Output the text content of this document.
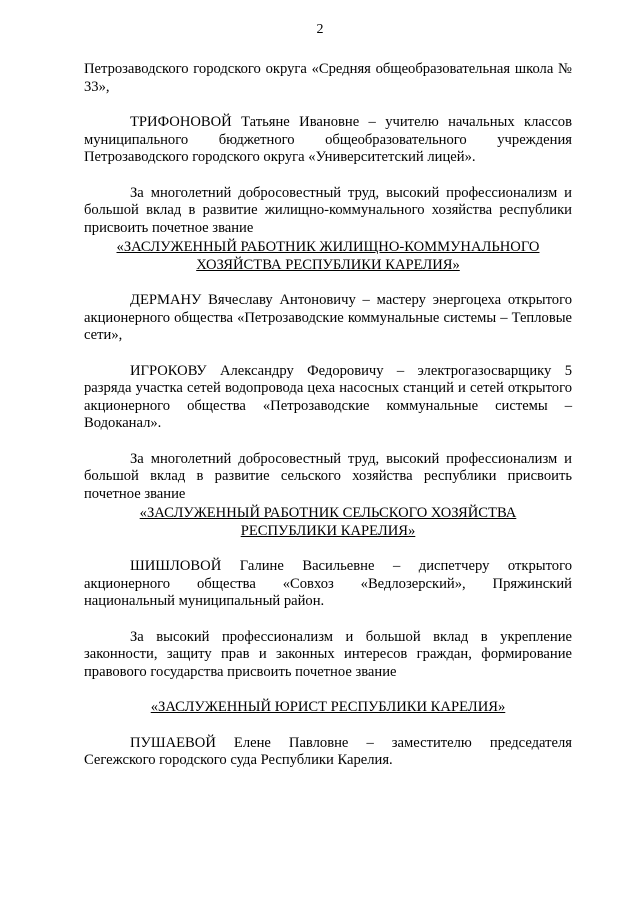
2

Петрозаводского городского округа «Средняя общеобразовательная школа № 33»,

ТРИФОНОВОЙ Татьяне Ивановне – учителю начальных классов муниципального бюджетного общеобразовательного учреждения Петрозаводского городского округа «Университетский лицей».

За многолетний добросовестный труд, высокий профессионализм и большой вклад в развитие жилищно-коммунального хозяйства республики присвоить почетное звание

«ЗАСЛУЖЕННЫЙ РАБОТНИК ЖИЛИЩНО-КОММУНАЛЬНОГО
ХОЗЯЙСТВА РЕСПУБЛИКИ КАРЕЛИЯ»

ДЕРМАНУ Вячеславу Антоновичу – мастеру энергоцеха открытого акционерного общества «Петрозаводские коммунальные системы – Тепловые сети»,

ИГРОКОВУ Александру Федоровичу – электрогазосварщику 5 разряда участка сетей водопровода цеха насосных станций и сетей открытого акционерного общества «Петрозаводские коммунальные системы – Водоканал».

За многолетний добросовестный труд, высокий профессионализм и большой вклад в развитие сельского хозяйства республики присвоить почетное звание

«ЗАСЛУЖЕННЫЙ РАБОТНИК СЕЛЬСКОГО ХОЗЯЙСТВА
РЕСПУБЛИКИ КАРЕЛИЯ»

ШИШЛОВОЙ Галине Васильевне – диспетчеру открытого акционерного общества «Совхоз «Ведлозерский», Пряжинский национальный муниципальный район.

За высокий профессионализм и большой вклад в укрепление законности, защиту прав и законных интересов граждан, формирование правового государства присвоить почетное звание

«ЗАСЛУЖЕННЫЙ ЮРИСТ РЕСПУБЛИКИ КАРЕЛИЯ»

ПУШАЕВОЙ Елене Павловне – заместителю председателя Сегежского городского суда Республики Карелия.
